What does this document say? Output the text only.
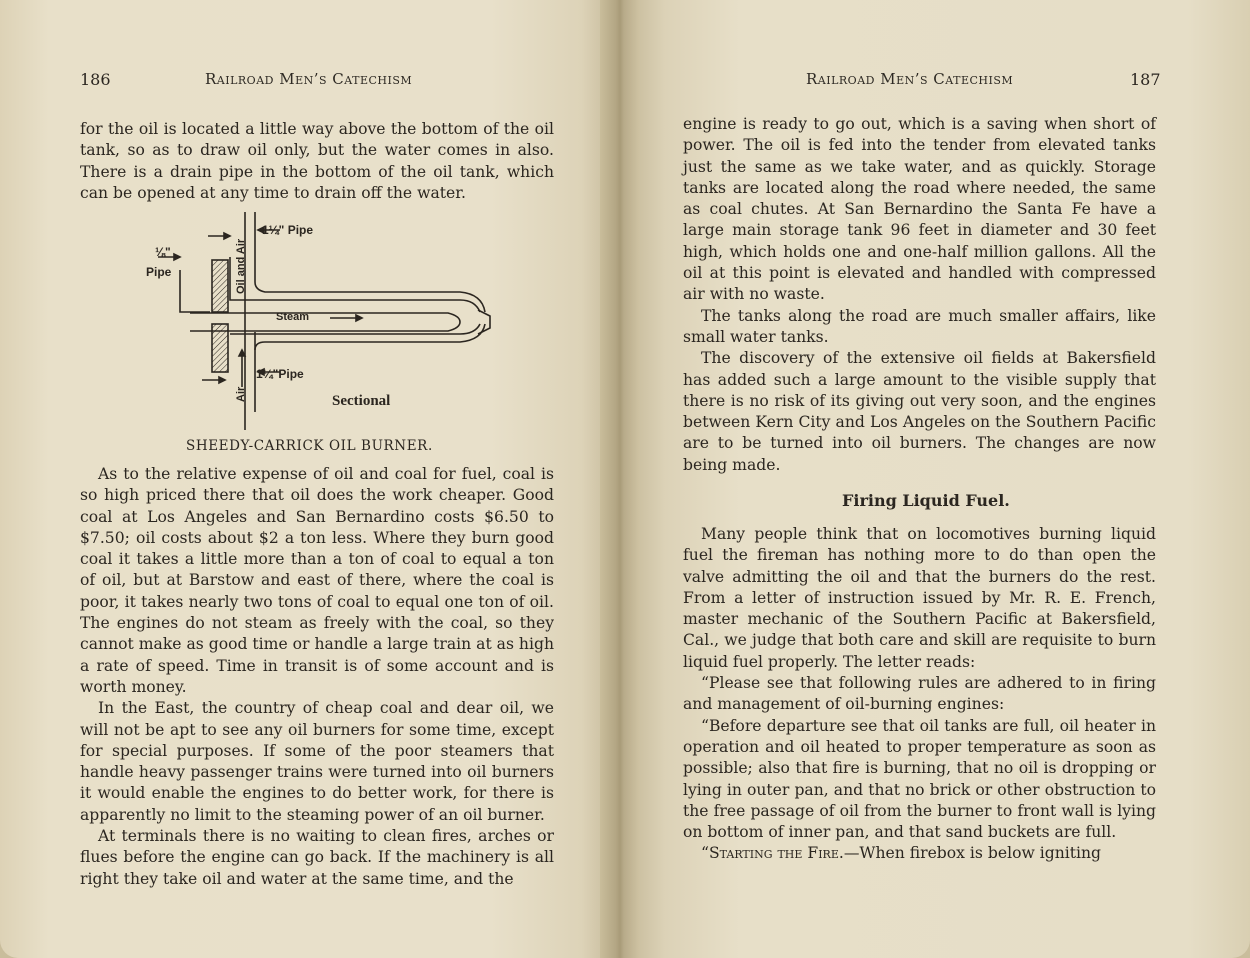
186	Railroad Men’s Catechism

for the oil is located a little way above the bottom of the oil tank, so as to draw oil only, but the water comes in also. There is a drain pipe in the bottom of the oil tank, which can be opened at any time to drain off the water.

⅛"
Pipe	Oil and Air
1¼" Pipe
Steam
1¼"Pipe
Air	Sectional
SHEEDY-CARRICK OIL BURNER.

As to the relative expense of oil and coal for fuel, coal is so high priced there that oil does the work cheaper. Good coal at Los Angeles and San Bernardino costs $6.50 to $7.50; oil costs about $2 a ton less. Where they burn good coal it takes a little more than a ton of coal to equal a ton of oil, but at Barstow and east of there, where the coal is poor, it takes nearly two tons of coal to equal one ton of oil. The engines do not steam as freely with the coal, so they cannot make as good time or handle a large train at as high a rate of speed. Time in transit is of some account and is worth money.

In the East, the country of cheap coal and dear oil, we will not be apt to see any oil burners for some time, except for special purposes. If some of the poor steamers that handle heavy passenger trains were turned into oil burners it would enable the engines to do better work, for there is apparently no limit to the steaming power of an oil burner.

At terminals there is no waiting to clean fires, arches or flues before the engine can go back. If the machinery is all right they take oil and water at the same time, and the

Railroad Men’s Catechism	187

engine is ready to go out, which is a saving when short of power. The oil is fed into the tender from elevated tanks just the same as we take water, and as quickly. Storage tanks are located along the road where needed, the same as coal chutes. At San Bernardino the Santa Fe have a large main storage tank 96 feet in diameter and 30 feet high, which holds one and one-half million gallons. All the oil at this point is elevated and handled with compressed air with no waste.

The tanks along the road are much smaller affairs, like small water tanks.

The discovery of the extensive oil fields at Bakersfield has added such a large amount to the visible supply that there is no risk of its giving out very soon, and the engines between Kern City and Los Angeles on the Southern Pacific are to be turned into oil burners. The changes are now being made.

Firing Liquid Fuel.

Many people think that on locomotives burning liquid fuel the fireman has nothing more to do than open the valve admitting the oil and that the burners do the rest. From a letter of instruction issued by Mr. R. E. French, master mechanic of the Southern Pacific at Bakersfield, Cal., we judge that both care and skill are requisite to burn liquid fuel properly. The letter reads:

“Please see that following rules are adhered to in firing and management of oil-burning engines:

“Before departure see that oil tanks are full, oil heater in operation and oil heated to proper temperature as soon as possible; also that fire is burning, that no oil is dropping or lying in outer pan, and that no brick or other obstruction to the free passage of oil from the burner to front wall is lying on bottom of inner pan, and that sand buckets are full.

“Starting the Fire.—When firebox is below igniting
